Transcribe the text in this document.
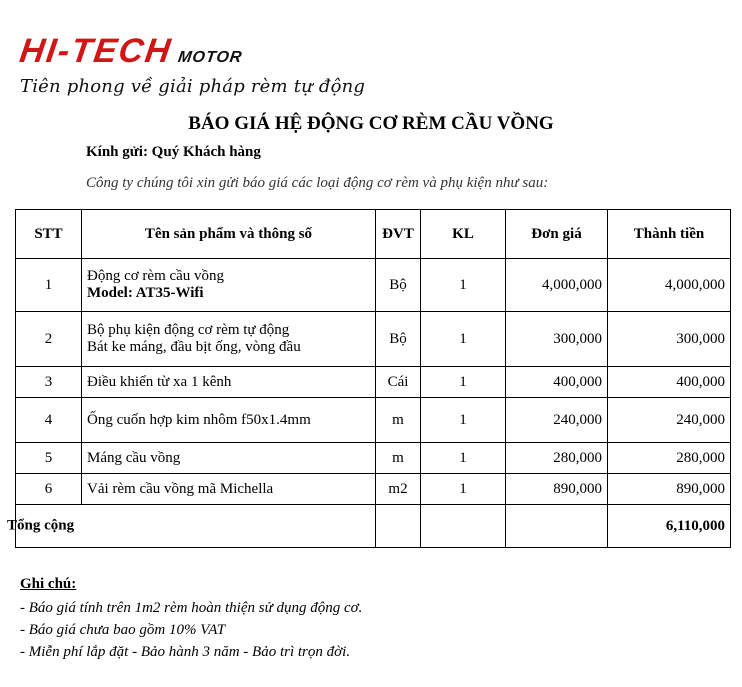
HI-TECH MOTOR
Tiên phong về giải pháp rèm tự động
BÁO GIÁ HỆ ĐỘNG CƠ RÈM CẦU VỒNG
Kính gửi: Quý Khách hàng
Công ty chúng tôi xin gửi báo giá các loại động cơ rèm và phụ kiện như sau:
STT	Tên sản phẩm và thông số	ĐVT	KL	Đơn giá	Thành tiền
1	Động cơ rèm cầu vồng
Model: AT35-Wifi	Bộ	1	4,000,000	4,000,000
2	Bộ phụ kiện động cơ rèm tự động
Bát ke máng, đầu bịt ống, vòng đầu	Bộ	1	300,000	300,000
3	Điều khiển từ xa 1 kênh	Cái	1	400,000	400,000
4	Ống cuốn hợp kim nhôm f50x1.4mm	m	1	240,000	240,000
5	Máng cầu vồng	m	1	280,000	280,000
6	Vải rèm cầu vồng mã Michella	m2	1	890,000	890,000

Tổng cộng					6,110,000
Ghi chú:
- Báo giá tính trên 1m2 rèm hoàn thiện sử dụng động cơ.
- Báo giá chưa bao gồm 10% VAT
- Miễn phí lắp đặt - Bảo hành 3 năm - Bảo trì trọn đời.
